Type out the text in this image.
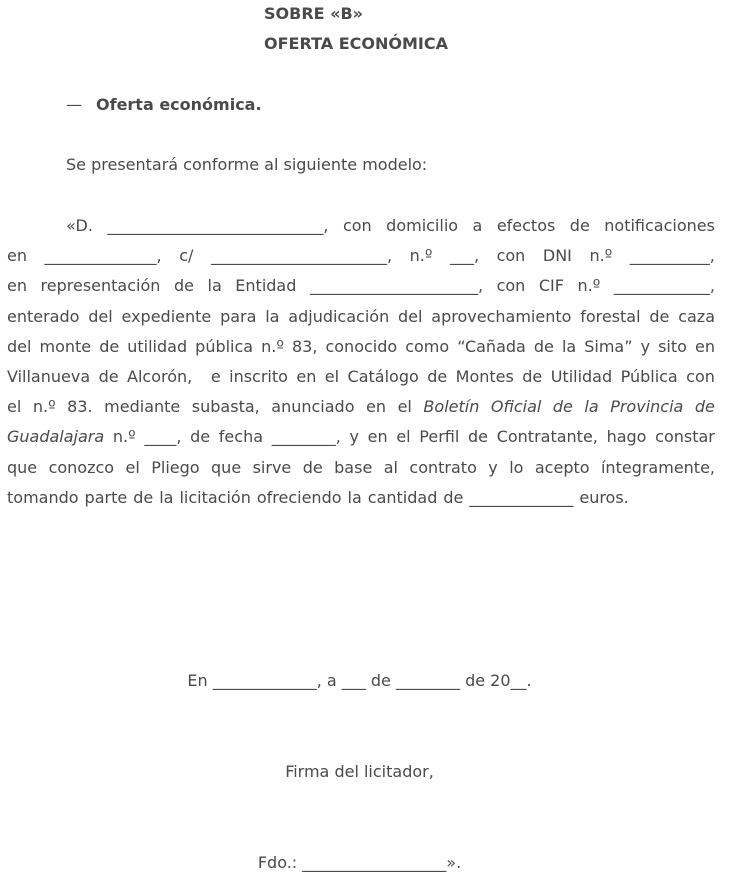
SOBRE «B»
OFERTA ECONÓMICA
— Oferta económica.
Se presentará conforme al siguiente modelo:
«D. ___________________________, con domicilio a efectos de notificaciones
en ______________, c/ ______________________, n.º ___, con DNI n.º __________,
en representación de la Entidad _____________________, con CIF n.º ____________,
enterado del expediente para la adjudicación del aprovechamiento forestal de caza
del monte de utilidad pública n.º 83, conocido como “Cañada de la Sima” y sito en
Villanueva de Alcorón, e inscrito en el Catálogo de Montes de Utilidad Pública con
el n.º 83. mediante subasta, anunciado en el Boletín Oficial de la Provincia de
Guadalajara n.º ____, de fecha ________, y en el Perfil de Contratante, hago constar
que conozco el Pliego que sirve de base al contrato y lo acepto íntegramente,
tomando parte de la licitación ofreciendo la cantidad de _____________ euros.
En _____________, a ___ de ________ de 20__.
Firma del licitador,
Fdo.: __________________».
